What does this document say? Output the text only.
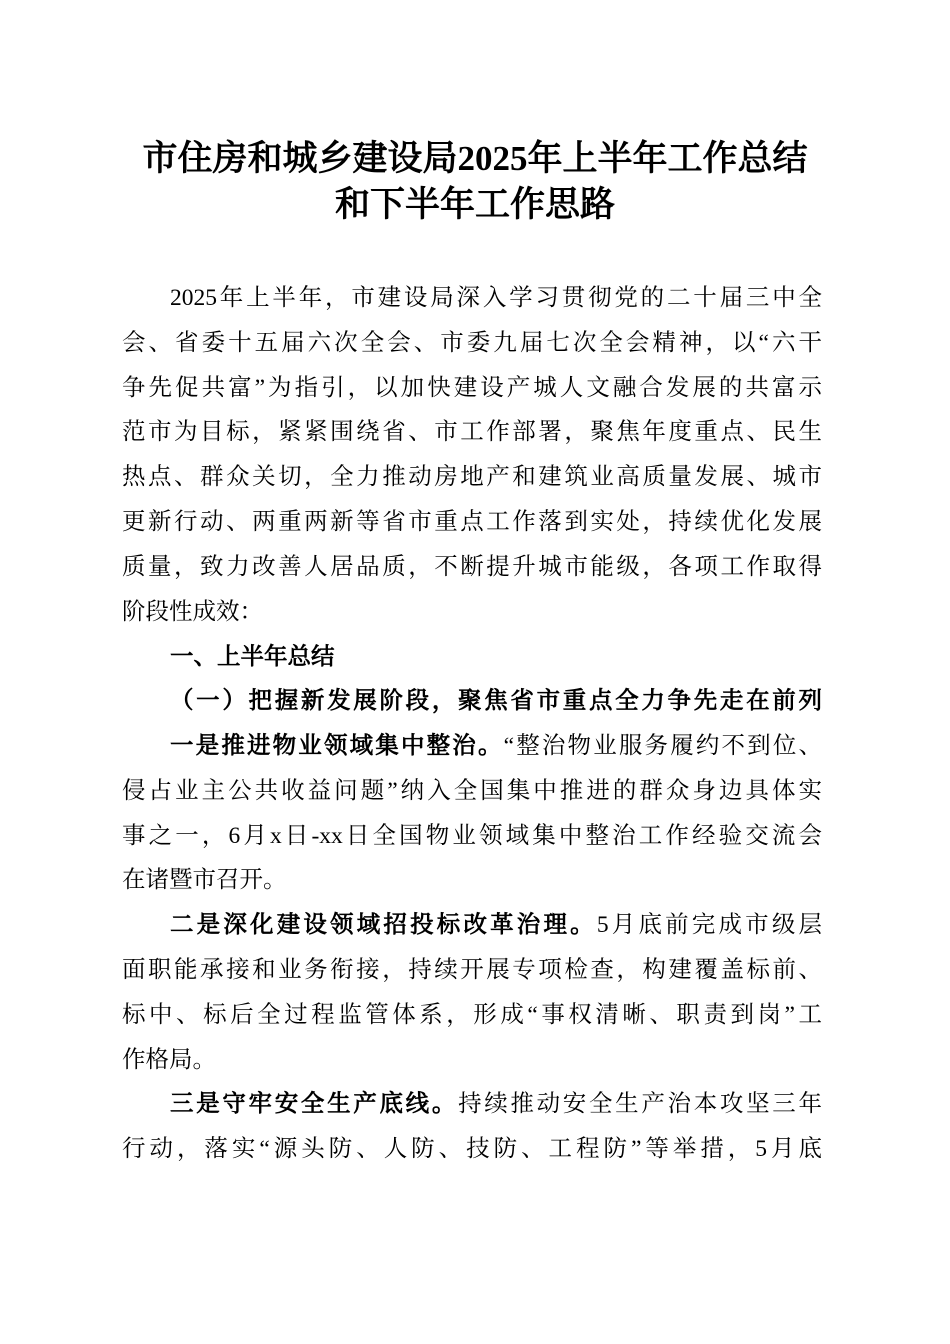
市住房和城乡建设局2025年上半年工作总结
和下半年工作思路
2025年上半年，市建设局深入学习贯彻党的二十届三中全
会、省委十五届六次全会、市委九届七次全会精神，以“六干
争先促共富”为指引，以加快建设产城人文融合发展的共富示
范市为目标，紧紧围绕省、市工作部署，聚焦年度重点、民生
热点、群众关切，全力推动房地产和建筑业高质量发展、城市
更新行动、两重两新等省市重点工作落到实处，持续优化发展
质量，致力改善人居品质，不断提升城市能级，各项工作取得
阶段性成效：
一、上半年总结
（一）把握新发展阶段，聚焦省市重点全力争先走在前列
一是推进物业领域集中整治。“整治物业服务履约不到位、
侵占业主公共收益问题”纳入全国集中推进的群众身边具体实
事之一，6月x日-xx日全国物业领域集中整治工作经验交流会
在诸暨市召开。
二是深化建设领域招投标改革治理。5月底前完成市级层
面职能承接和业务衔接，持续开展专项检查，构建覆盖标前、
标中、标后全过程监管体系，形成“事权清晰、职责到岗”工
作格局。
三是守牢安全生产底线。持续推动安全生产治本攻坚三年
行动，落实“源头防、人防、技防、工程防”等举措，5月底
